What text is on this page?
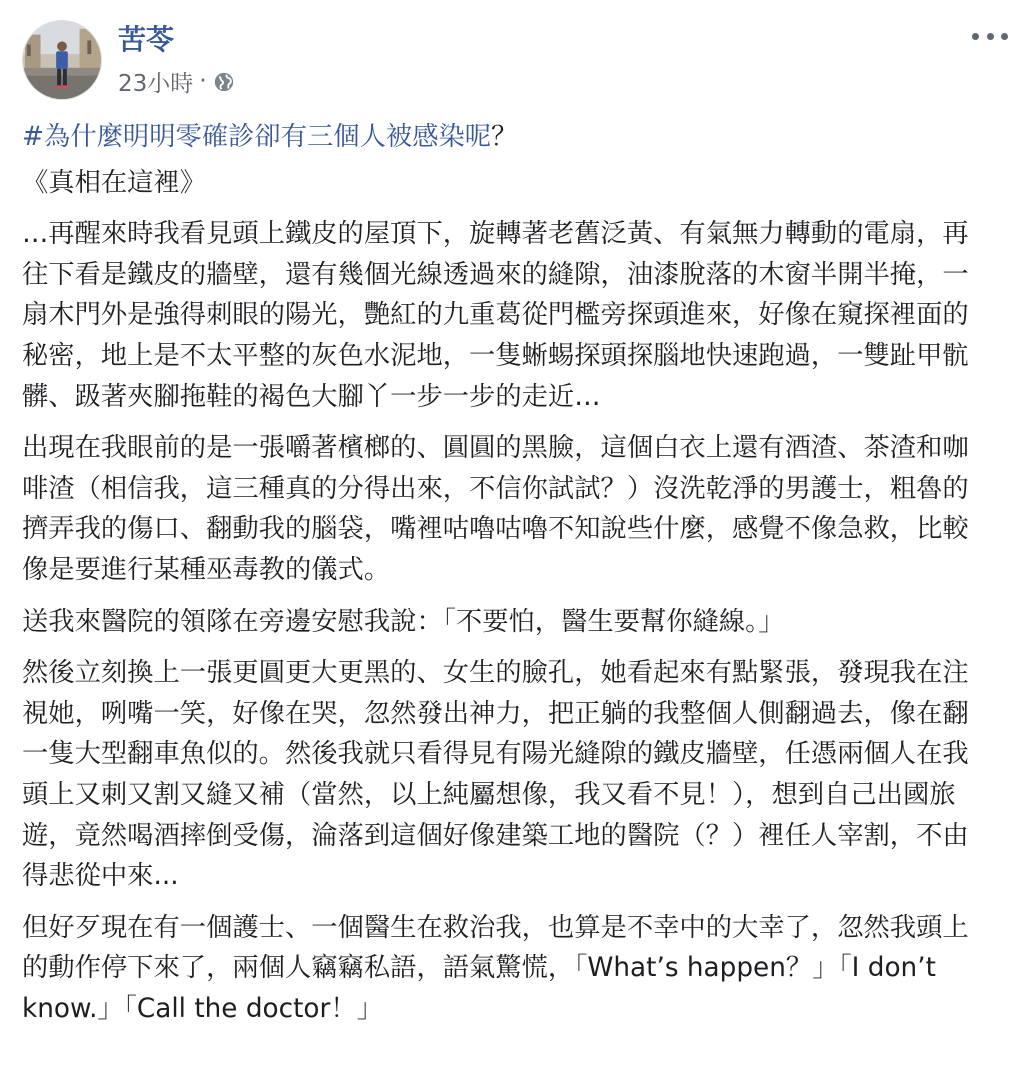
苦苓
23小時 ·

#為什麼明明零確診卻有三個人被感染呢？

《真相在這裡》

…再醒來時我看見頭上鐵皮的屋頂下，旋轉著老舊泛黃、有氣無力轉動的電扇，再往下看是鐵皮的牆壁，還有幾個光線透過來的縫隙，油漆脫落的木窗半開半掩，一扇木門外是強得刺眼的陽光，艷紅的九重葛從門檻旁探頭進來，好像在窺探裡面的秘密，地上是不太平整的灰色水泥地，一隻蜥蜴探頭探腦地快速跑過，一雙趾甲骯髒、趿著夾腳拖鞋的褐色大腳丫一步一步的走近…

出現在我眼前的是一張嚼著檳榔的、圓圓的黑臉，這個白衣上還有酒渣、茶渣和咖啡渣（相信我，這三種真的分得出來，不信你試試？）沒洗乾淨的男護士，粗魯的擠弄我的傷口、翻動我的腦袋，嘴裡咕嚕咕嚕不知說些什麼，感覺不像急救，比較像是要進行某種巫毒教的儀式。

送我來醫院的領隊在旁邊安慰我說：「不要怕，醫生要幫你縫線。」

然後立刻換上一張更圓更大更黑的、女生的臉孔，她看起來有點緊張，發現我在注視她，咧嘴一笑，好像在哭，忽然發出神力，把正躺的我整個人側翻過去，像在翻一隻大型翻車魚似的。然後我就只看得見有陽光縫隙的鐵皮牆壁，任憑兩個人在我頭上又刺又割又縫又補（當然，以上純屬想像，我又看不見！），想到自己出國旅遊，竟然喝酒摔倒受傷，淪落到這個好像建築工地的醫院（？）裡任人宰割，不由得悲從中來...

但好歹現在有一個護士、一個醫生在救治我，也算是不幸中的大幸了，忽然我頭上的動作停下來了，兩個人竊竊私語，語氣驚慌，「What’s happen？」「I don’t know.」「Call the doctor！」
